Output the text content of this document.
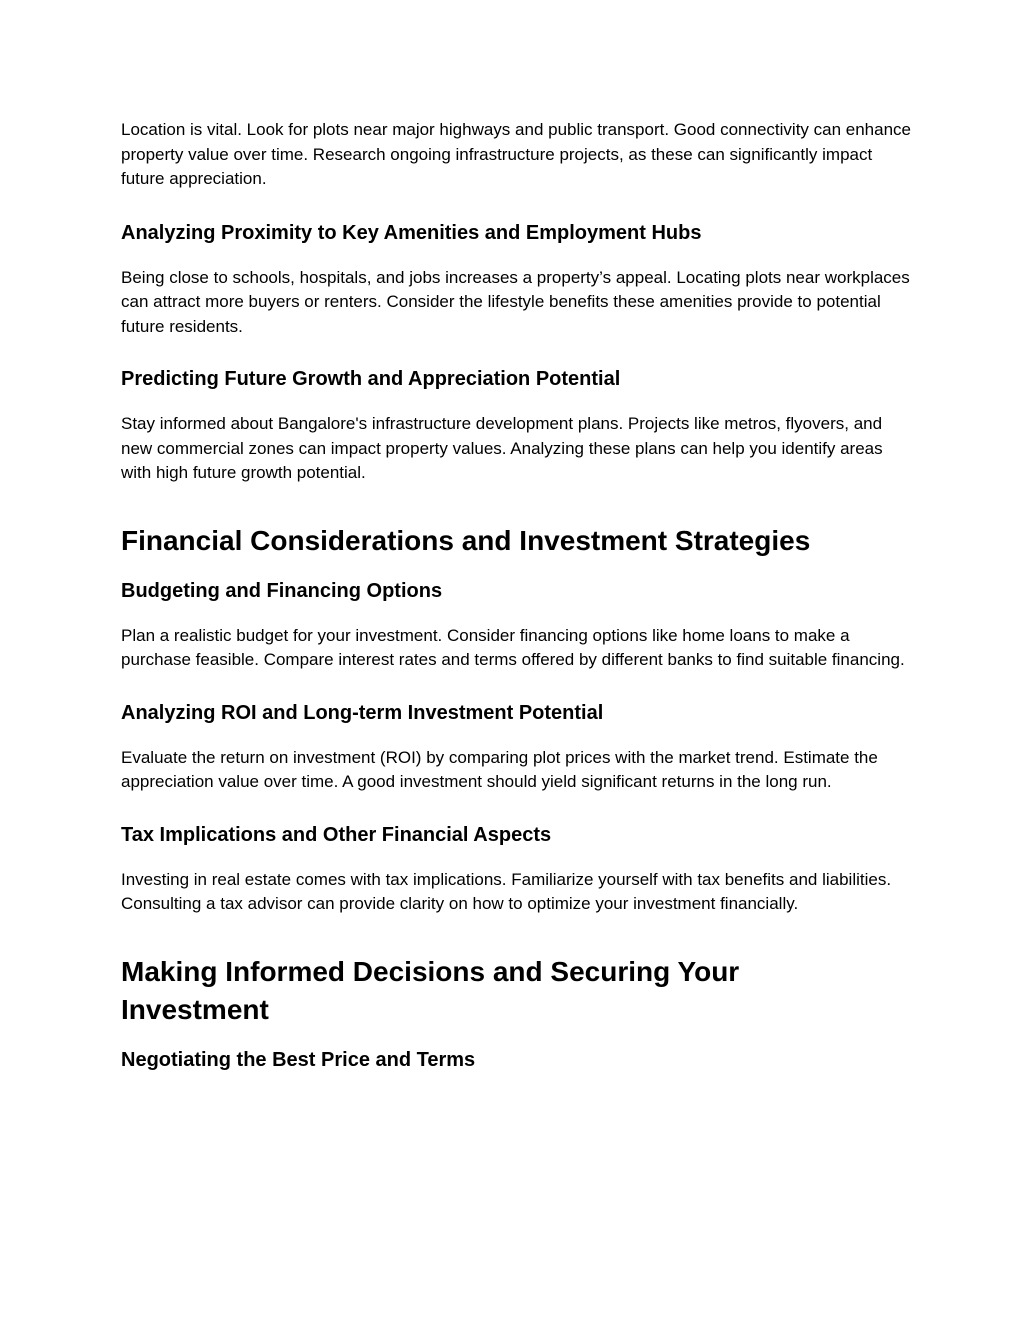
Location is vital. Look for plots near major highways and public transport. Good connectivity can enhance property value over time. Research ongoing infrastructure projects, as these can significantly impact future appreciation.

Analyzing Proximity to Key Amenities and Employment Hubs

Being close to schools, hospitals, and jobs increases a property’s appeal. Locating plots near workplaces can attract more buyers or renters. Consider the lifestyle benefits these amenities provide to potential future residents.

Predicting Future Growth and Appreciation Potential

Stay informed about Bangalore's infrastructure development plans. Projects like metros, flyovers, and new commercial zones can impact property values. Analyzing these plans can help you identify areas with high future growth potential.

Financial Considerations and Investment Strategies
Budgeting and Financing Options

Plan a realistic budget for your investment. Consider financing options like home loans to make a purchase feasible. Compare interest rates and terms offered by different banks to find suitable financing.

Analyzing ROI and Long-term Investment Potential

Evaluate the return on investment (ROI) by comparing plot prices with the market trend. Estimate the appreciation value over time. A good investment should yield significant returns in the long run.

Tax Implications and Other Financial Aspects

Investing in real estate comes with tax implications. Familiarize yourself with tax benefits and liabilities. Consulting a tax advisor can provide clarity on how to optimize your investment financially.

Making Informed Decisions and Securing Your Investment
Negotiating the Best Price and Terms
